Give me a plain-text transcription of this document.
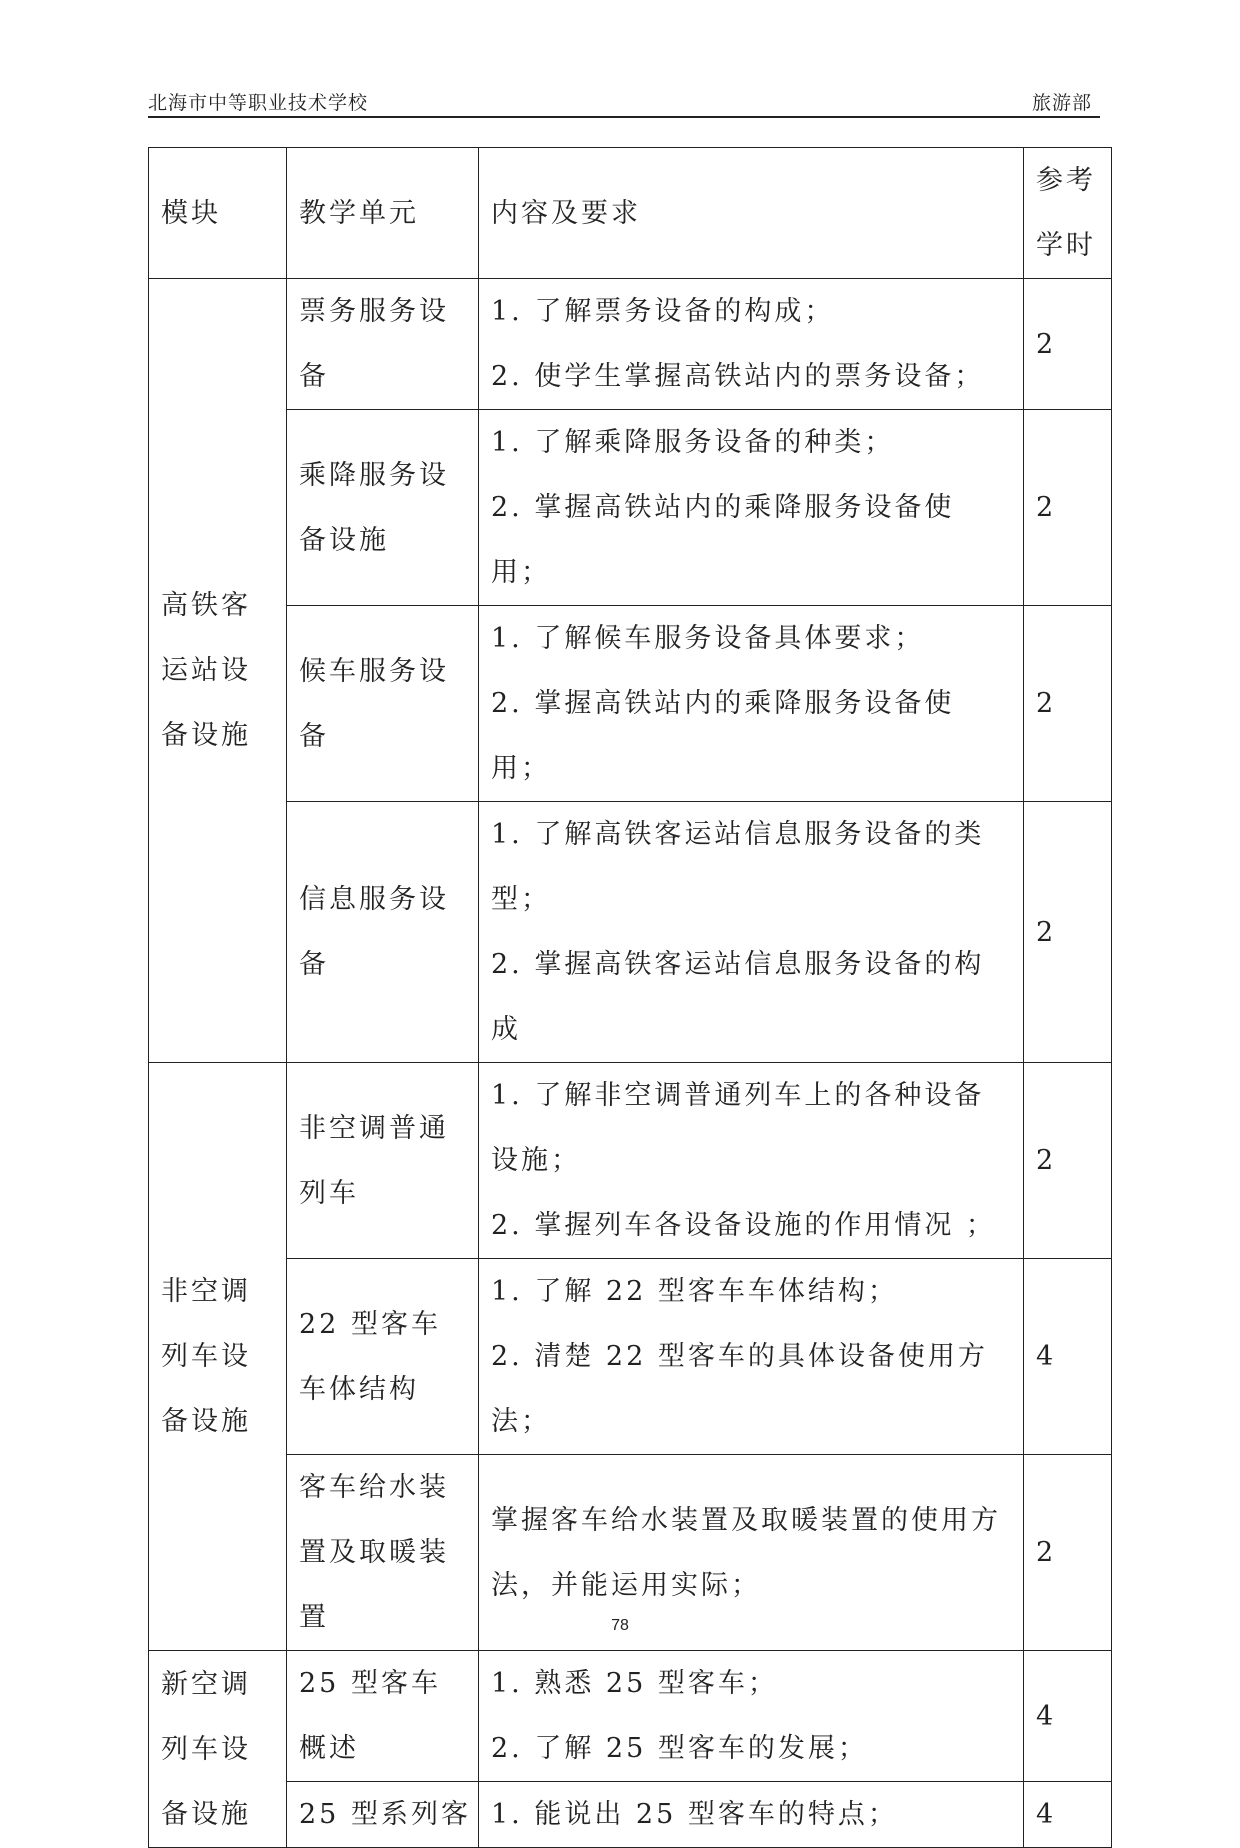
北海市中等职业技术学校	旅游部
模块	教学单元	内容及要求	参考学时
高铁客运站设备设施	票务服务设备	1. 了解票务设备的构成；
2. 使学生掌握高铁站内的票务设备；	2
	乘降服务设备设施	1. 了解乘降服务设备的种类；
2. 掌握高铁站内的乘降服务设备使用；	2
	候车服务设备	1. 了解候车服务设备具体要求；
2. 掌握高铁站内的乘降服务设备使用；	2
	信息服务设备	1. 了解高铁客运站信息服务设备的类型；
2. 掌握高铁客运站信息服务设备的构成	2
非空调列车设备设施	非空调普通列车	1. 了解非空调普通列车上的各种设备设施；
2. 掌握列车各设备设施的作用情况 ；	2
	22 型客车车体结构	1. 了解 22 型客车车体结构；
2. 清楚 22 型客车的具体设备使用方法；	4
	客车给水装置及取暖装置	掌握客车给水装置及取暖装置的使用方法，并能运用实际；	2
新空调列车设备设施	25 型客车概述	1. 熟悉 25 型客车；
2. 了解 25 型客车的发展；	4
	25 型系列客	1. 能说出 25 型客车的特点；	4
78
